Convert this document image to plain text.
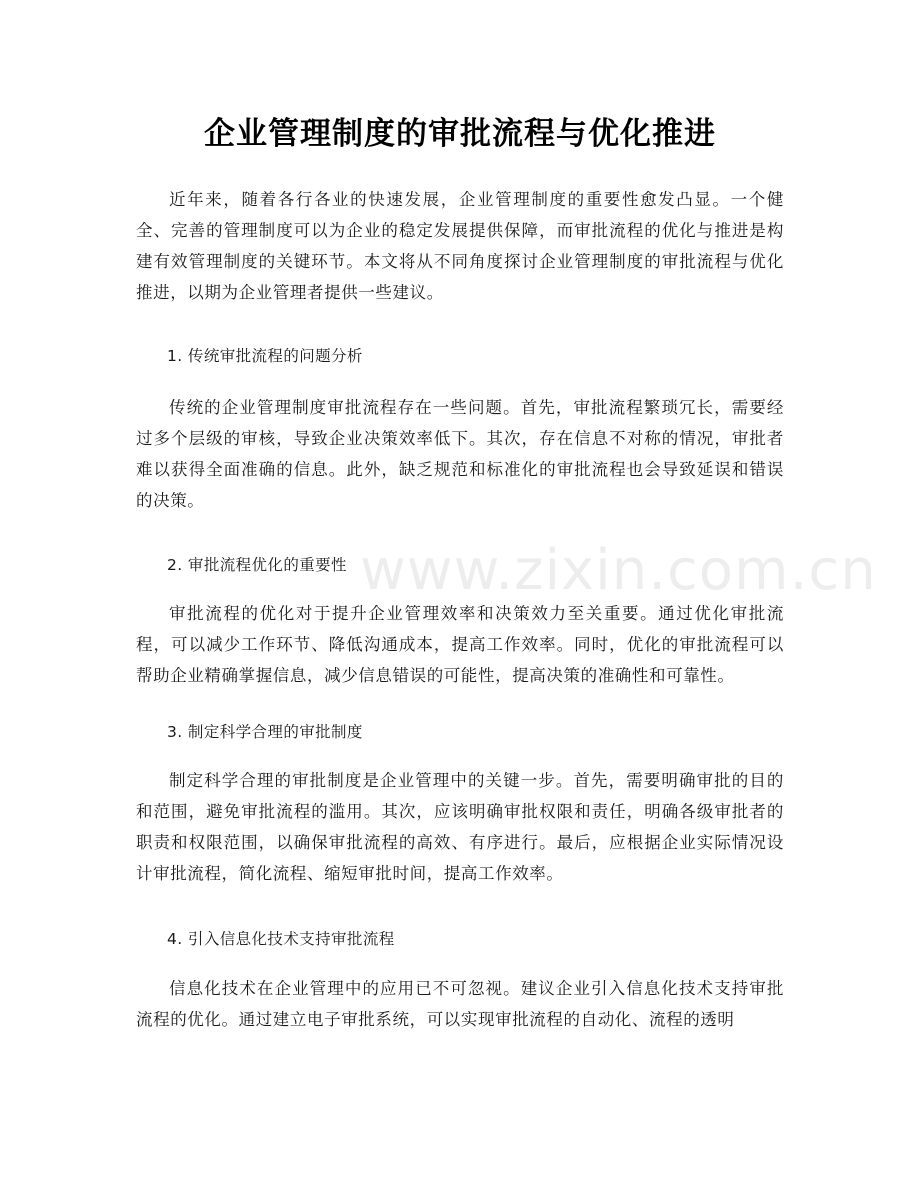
www.zixin.com.cn
企业管理制度的审批流程与优化推进

近年来，随着各行各业的快速发展，企业管理制度的重要性愈发凸显。一个健全、完善的管理制度可以为企业的稳定发展提供保障，而审批流程的优化与推进是构建有效管理制度的关键环节。本文将从不同角度探讨企业管理制度的审批流程与优化推进，以期为企业管理者提供一些建议。

1. 传统审批流程的问题分析

传统的企业管理制度审批流程存在一些问题。首先，审批流程繁琐冗长，需要经过多个层级的审核，导致企业决策效率低下。其次，存在信息不对称的情况，审批者难以获得全面准确的信息。此外，缺乏规范和标准化的审批流程也会导致延误和错误的决策。

2. 审批流程优化的重要性

审批流程的优化对于提升企业管理效率和决策效力至关重要。通过优化审批流程，可以减少工作环节、降低沟通成本，提高工作效率。同时，优化的审批流程可以帮助企业精确掌握信息，减少信息错误的可能性，提高决策的准确性和可靠性。

3. 制定科学合理的审批制度

制定科学合理的审批制度是企业管理中的关键一步。首先，需要明确审批的目的和范围，避免审批流程的滥用。其次，应该明确审批权限和责任，明确各级审批者的职责和权限范围，以确保审批流程的高效、有序进行。最后，应根据企业实际情况设计审批流程，简化流程、缩短审批时间，提高工作效率。

4. 引入信息化技术支持审批流程

信息化技术在企业管理中的应用已不可忽视。建议企业引入信息化技术支持审批流程的优化。通过建立电子审批系统，可以实现审批流程的自动化、流程的透明
